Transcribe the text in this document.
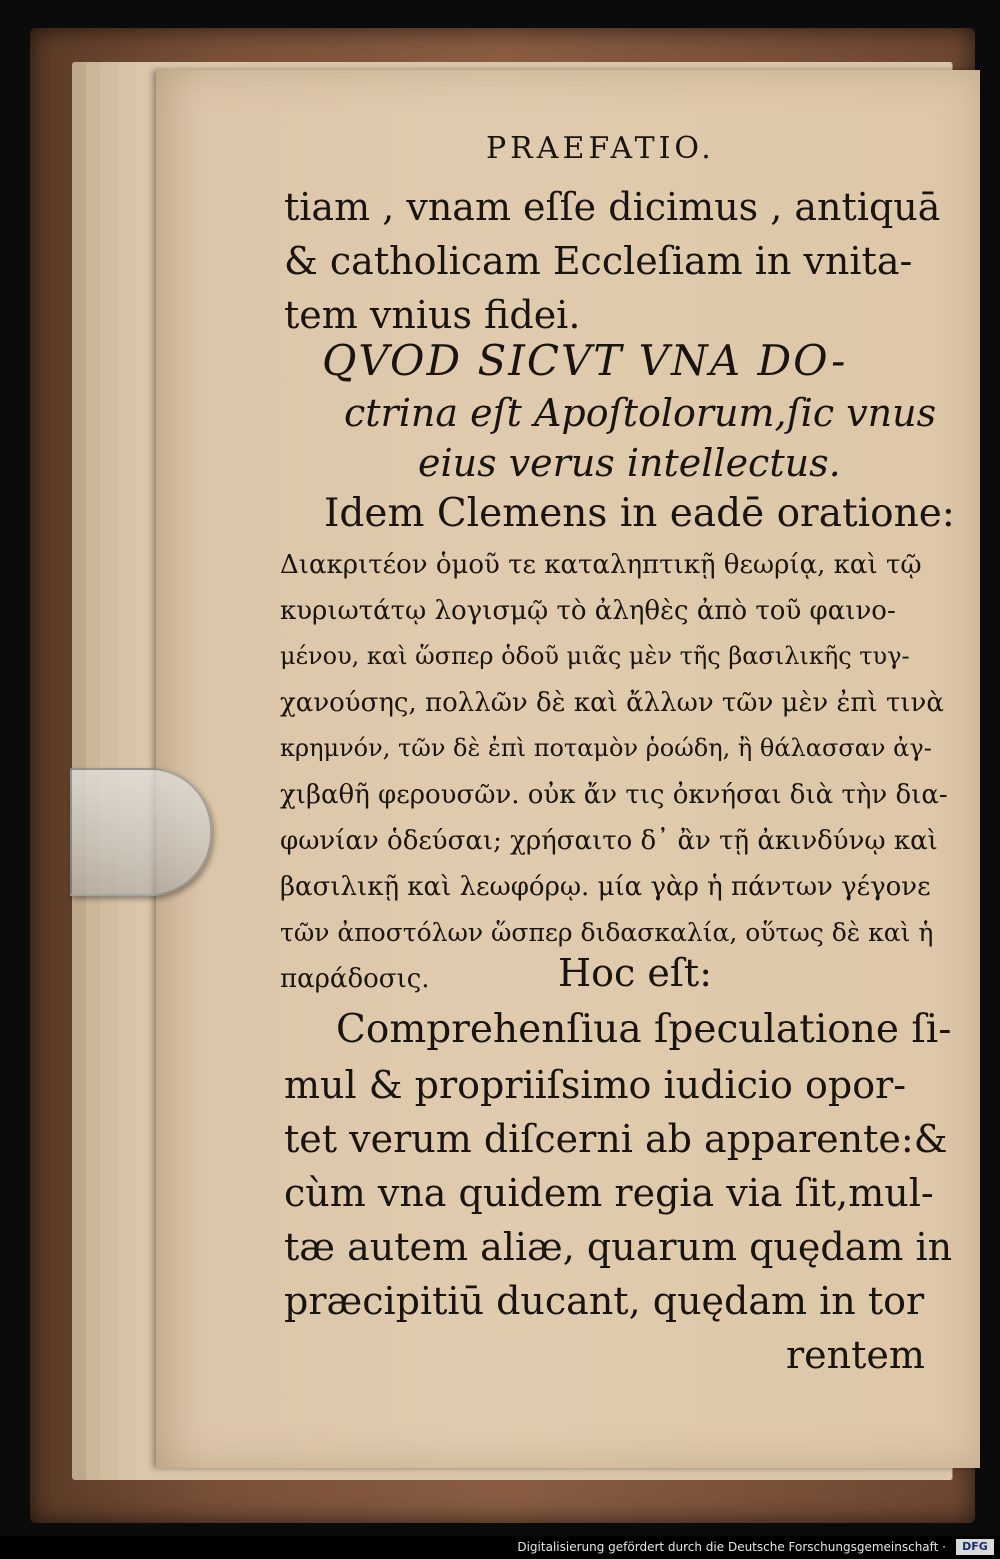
PRAEFATIO.

tiam , vnam eſſe dicimus , antiquā

& catholicam Eccleſiam in vnita-

tem vnius fidei.

QVOD SICVT VNA DO-

ctrina eſt Apoſtolorum,ſic vnus

eius verus intellectus.

Idem Clemens in eadē oratione:

Διακριτέον ὁμοῦ τε καταληπτικῇ θεωρίᾳ, καὶ τῷ

κυριωτάτῳ λογισμῷ τὸ ἀληθὲς ἀπὸ τοῦ φαινο-

μένου, καὶ ὥσπερ ὁδοῦ μιᾶς μὲν τῆς βασιλικῆς τυγ-

χανούσης, πολλῶν δὲ καὶ ἄλλων τῶν μὲν ἐπὶ τινὰ

κρημνόν, τῶν δὲ ἐπὶ ποταμὸν ῥοώδη, ἢ θάλασσαν ἀγ-

χιβαθῆ φερουσῶν. οὐκ ἄν τις ὀκνήσαι διὰ τὴν δια-

φωνίαν ὁδεύσαι; χρήσαιτο δ᾽ ἂν τῇ ἀκινδύνῳ καὶ

βασιλικῇ καὶ λεωφόρῳ. μία γὰρ ἡ πάντων γέγονε

τῶν ἀποστόλων ὥσπερ διδασκαλία, οὕτως δὲ καὶ ἡ

παράδοσις.	Hoc eſt:

Comprehenſiua ſpeculatione ſi-

mul & propriiſsimo iudicio opor-

tet verum diſcerni ab apparente:&

cùm vna quidem regia via ſit,mul-

tæ autem aliæ, quarum quędam in

præcipitiū ducant, quędam in tor

rentem

Digitalisierung gefördert durch die Deutsche Forschungsgemeinschaft ·	DFG
